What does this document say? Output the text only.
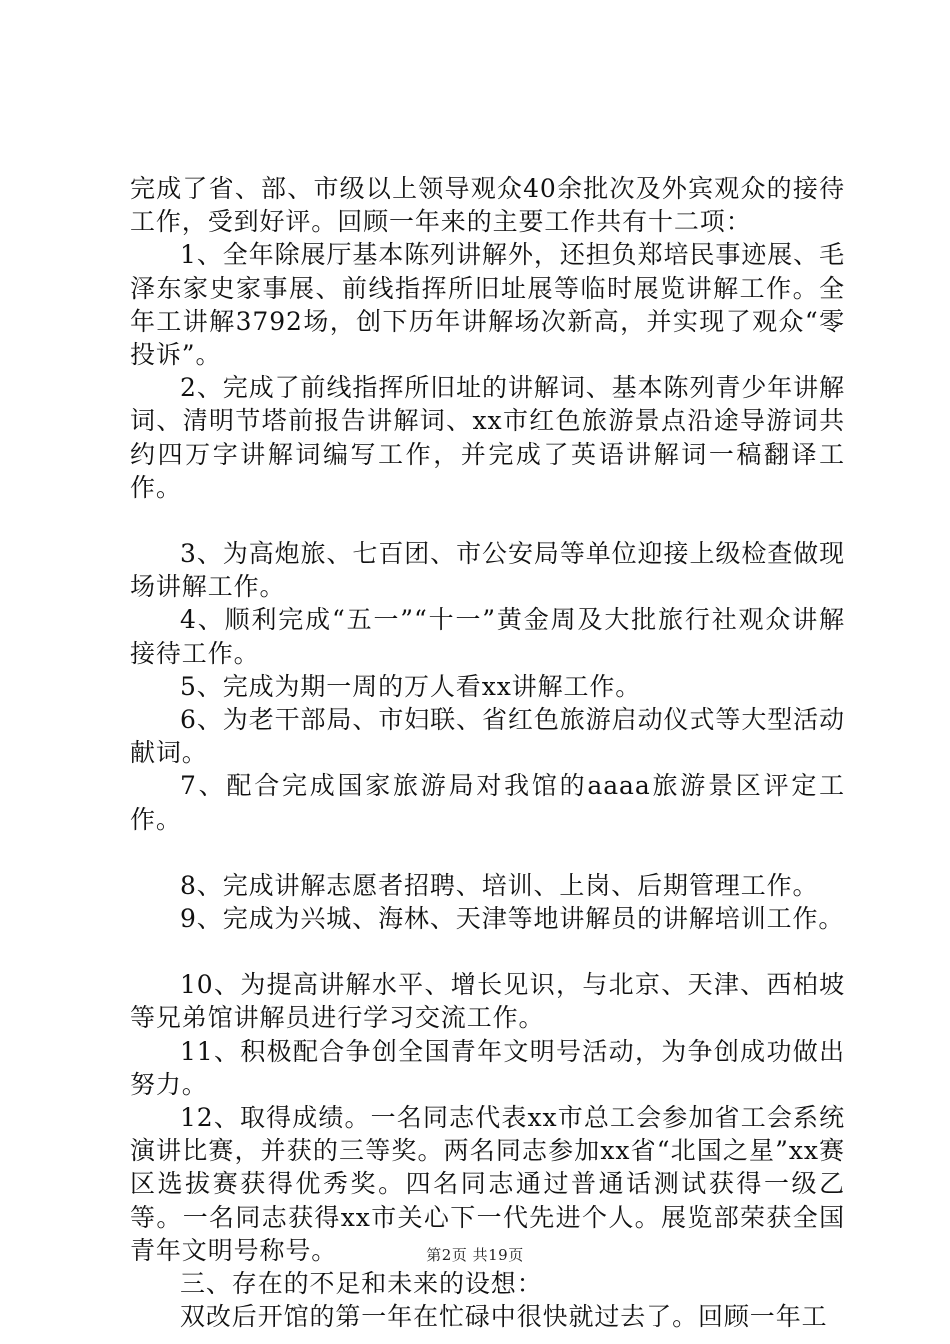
完成了省、部、市级以上领导观众40余批次及外宾观众的接待工作，受到好评。回顾一年来的主要工作共有十二项：

1、全年除展厅基本陈列讲解外，还担负郑培民事迹展、毛泽东家史家事展、前线指挥所旧址展等临时展览讲解工作。全年工讲解3792场，创下历年讲解场次新高，并实现了观众“零投诉”。

2、完成了前线指挥所旧址的讲解词、基本陈列青少年讲解词、清明节塔前报告讲解词、xx市红色旅游景点沿途导游词共约四万字讲解词编写工作，并完成了英语讲解词一稿翻译工作。

3、为高炮旅、七百团、市公安局等单位迎接上级检查做现场讲解工作。

4、顺利完成“五一”“十一”黄金周及大批旅行社观众讲解接待工作。

5、完成为期一周的万人看xx讲解工作。

6、为老干部局、市妇联、省红色旅游启动仪式等大型活动献词。

7、配合完成国家旅游局对我馆的aaaa旅游景区评定工作。

8、完成讲解志愿者招聘、培训、上岗、后期管理工作。

9、完成为兴城、海林、天津等地讲解员的讲解培训工作。

10、为提高讲解水平、增长见识，与北京、天津、西柏坡等兄弟馆讲解员进行学习交流工作。

11、积极配合争创全国青年文明号活动，为争创成功做出努力。

12、取得成绩。一名同志代表xx市总工会参加省工会系统演讲比赛，并获的三等奖。两名同志参加xx省“北国之星”xx赛区选拔赛获得优秀奖。四名同志通过普通话测试获得一级乙等。一名同志获得xx市关心下一代先进个人。展览部荣获全国青年文明号称号。

三、存在的不足和未来的设想：

双改后开馆的第一年在忙碌中很快就过去了。回顾一年工

第2页 共19页
